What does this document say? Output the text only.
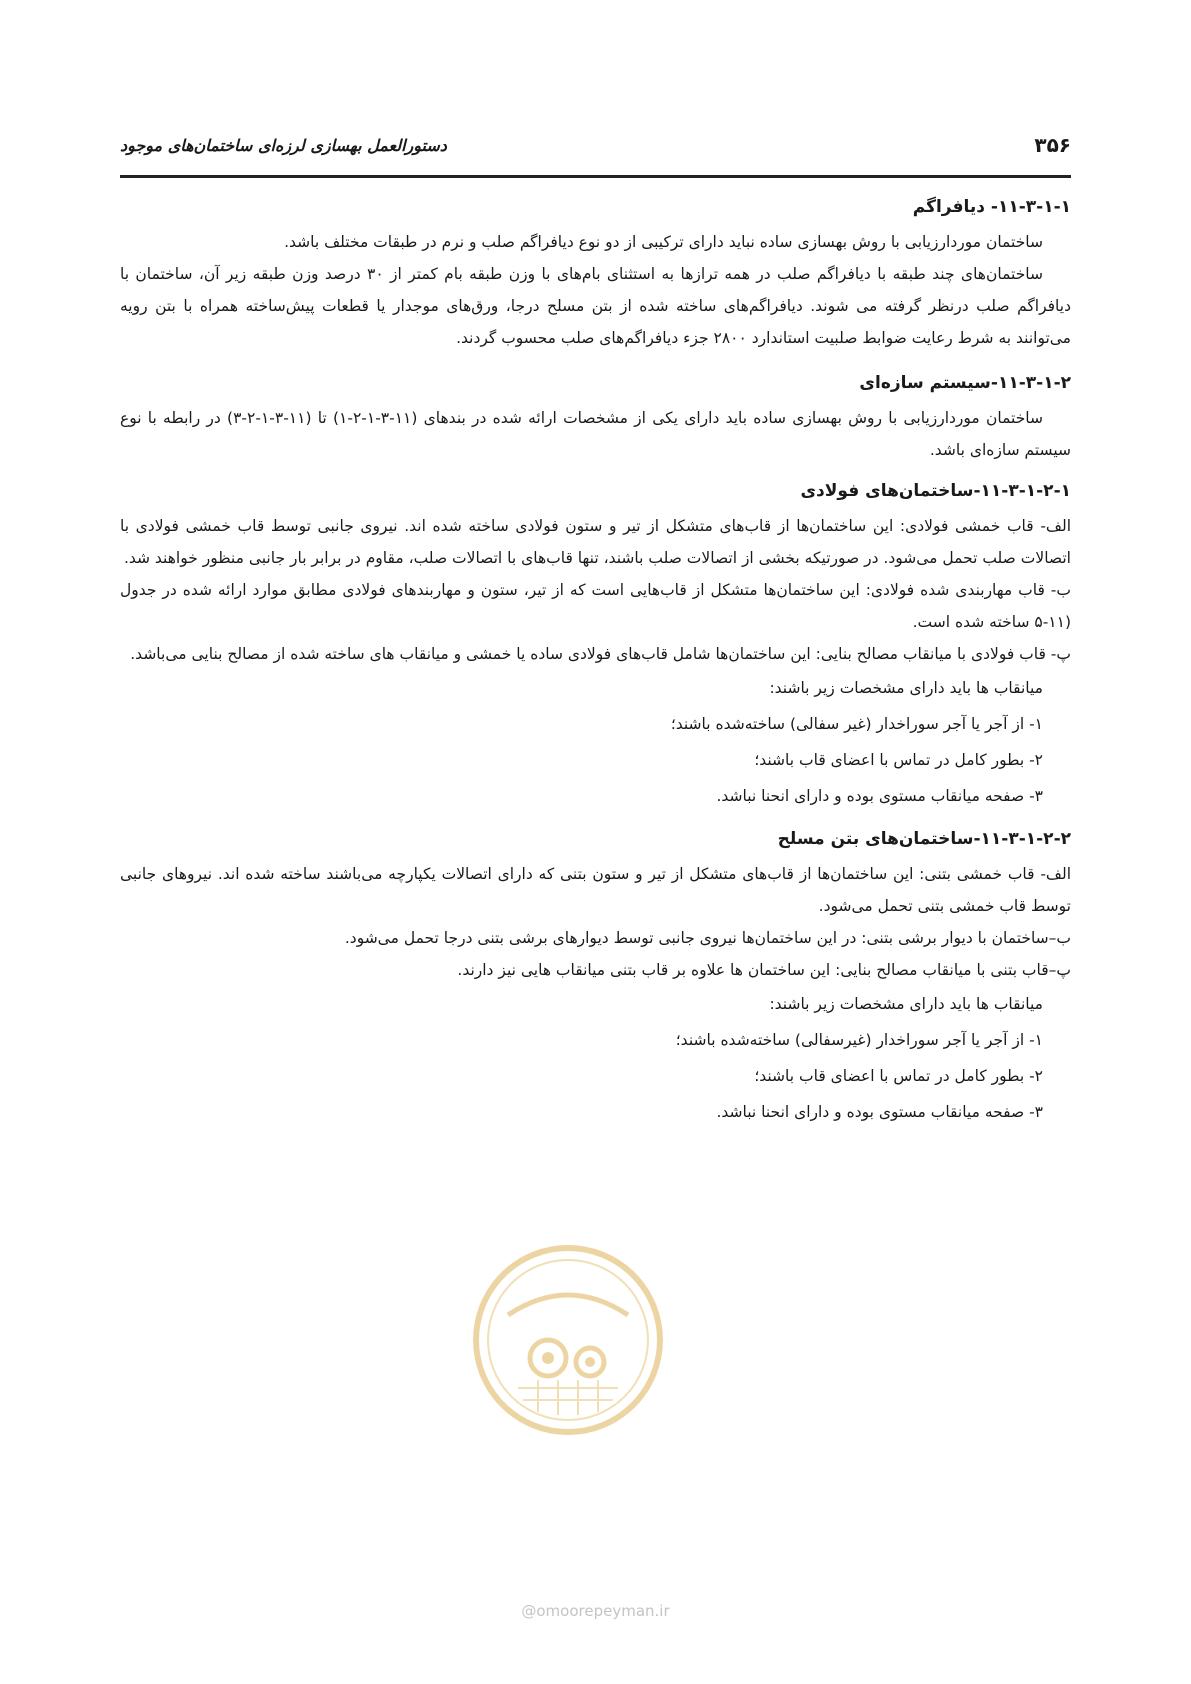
۳۵۶
دستورالعمل بهسازی لرزه‌ای ساختمان‌های موجود
۱۱-۳-۱-۱- دیافراگم

ساختمان موردارزیابی با روش بهسازی ساده نباید دارای ترکیبی از دو نوع دیافراگم صلب و نرم در طبقات مختلف باشد.

ساختمان‌های چند طبقه با دیافراگم صلب در همه ترازها به استثنای بام‌های با وزن طبقه بام کمتر از ۳۰ درصد وزن طبقه زیر آن، ساختمان با دیافراگم صلب درنظر گرفته می شوند. دیافراگم‌های ساخته شده از بتن مسلح درجا، ورق‌های موجدار یا قطعات پیش‌ساخته همراه با بتن رویه می‌توانند به شرط رعایت ضوابط صلبیت استاندارد ۲۸۰۰ جزء دیافراگم‌های صلب محسوب گردند.

۱۱-۳-۱-۲-سیستم سازه‌ای

ساختمان موردارزیابی با روش بهسازی ساده باید دارای یکی از مشخصات ارائه شده در بندهای (۱۱-۳-۱-۲-۱) تا (۱۱-۳-۱-۲-۳) در رابطه با نوع سیستم سازه‌ای باشد.

۱۱-۳-۱-۲-۱-ساختمان‌های فولادی

الف- قاب خمشی فولادی: این ساختمان‌ها از قاب‌های متشکل از تیر و ستون فولادی ساخته شده اند. نیروی جانبی توسط قاب خمشی فولادی با اتصالات صلب تحمل می‌شود. در صورتیکه بخشی از اتصالات صلب باشند، تنها قاب‌های با اتصالات صلب، مقاوم در برابر بار جانبی منظور خواهند شد.

ب- قاب مهاربندی شده فولادی: این ساختمان‌ها متشکل از قاب‌هایی است که از تیر، ستون و مهاربندهای فولادی مطابق موارد ارائه شده در جدول (۱۱-۵ ساخته شده است.

پ- قاب فولادی با میانقاب مصالح بنایی: این ساختمان‌ها شامل قاب‌های فولادی ساده یا خمشی و میانقاب های ساخته شده از مصالح بنایی می‌باشد.

میانقاب ها باید دارای مشخصات زیر باشند:

۱- از آجر یا آجر سوراخدار (غیر سفالی) ساخته‌شده باشند؛
۲- بطور کامل در تماس با اعضای قاب باشند؛
۳- صفحه میانقاب مستوی بوده و دارای انحنا نباشد.
۱۱-۳-۱-۲-۲-ساختمان‌های بتن مسلح

الف- قاب خمشی بتنی: این ساختمان‌ها از قاب‌های متشکل از تیر و ستون بتنی که دارای اتصالات یکپارچه می‌باشند ساخته شده اند. نیروهای جانبی توسط قاب خمشی بتنی تحمل می‌شود.

ب–ساختمان با دیوار برشی بتنی: در این ساختمان‌ها نیروی جانبی توسط دیوارهای برشی بتنی درجا تحمل می‌شود.

پ–قاب بتنی با میانقاب مصالح بنایی: این ساختمان ها علاوه بر قاب بتنی میانقاب هایی نیز دارند.

میانقاب ها باید دارای مشخصات زیر باشند:

۱- از آجر یا آجر سوراخدار (غیرسفالی) ساخته‌شده باشند؛
۲- بطور کامل در تماس با اعضای قاب باشند؛
۳- صفحه میانقاب مستوی بوده و دارای انحنا نباشد.
@omoorepeyman.ir
